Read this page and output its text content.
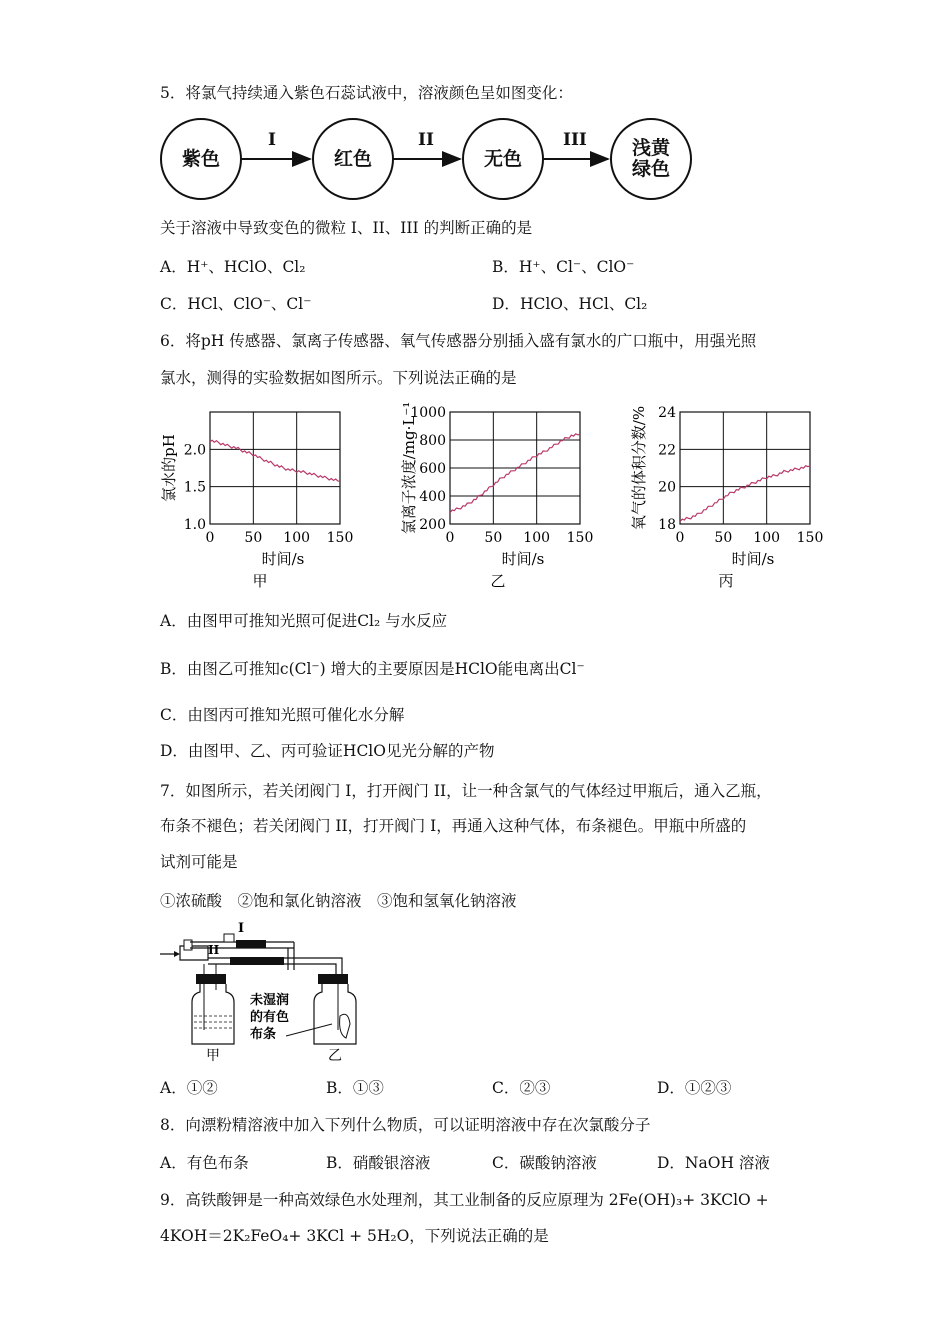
5．将氯气持续通入紫色石蕊试液中，溶液颜色呈如图变化：
紫色	红色	无色	浅黄
绿色
I	II	III
关于溶液中导致变色的微粒 I、II、III 的判断正确的是
A．H⁺、HClO、Cl₂	B．H⁺、Cl⁻、ClO⁻
C．HCl、ClO⁻、Cl⁻	D．HClO、HCl、Cl₂
6．将pH 传感器、氯离子传感器、氧气传感器分别插入盛有氯水的广口瓶中，用强光照
氯水，测得的实验数据如图所示。下列说法正确的是
0 50 100 150
1.0
1.5
2.0
氯水的pH
时间/s
甲
0 50 100 150
200
400
600
800
1000
氯离子浓度/mg·L⁻¹
时间/s
乙
0 50 100 150
18
20
22
24
氧气的体积分数/%
时间/s
丙
A．由图甲可推知光照可促进Cl₂ 与水反应
B．由图乙可推知c(Cl⁻) 增大的主要原因是HClO能电离出Cl⁻
C．由图丙可推知光照可催化水分解
D．由图甲、乙、丙可验证HClO见光分解的产物
7．如图所示，若关闭阀门 I，打开阀门 II，让一种含氯气的气体经过甲瓶后，通入乙瓶，
布条不褪色；若关闭阀门 II，打开阀门 I，再通入这种气体，布条褪色。甲瓶中所盛的
试剂可能是
①浓硫酸　②饱和氯化钠溶液　③饱和氢氧化钠溶液
甲	乙
I
II
未湿润
的有色
布条
A．①②	B．①③	C．②③	D．①②③
8．向漂粉精溶液中加入下列什么物质，可以证明溶液中存在次氯酸分子
A．有色布条	B．硝酸银溶液	C．碳酸钠溶液	D．NaOH 溶液
9．高铁酸钾是一种高效绿色水处理剂，其工业制备的反应原理为 2Fe(OH)₃+ 3KClO +
4KOH＝2K₂FeO₄+ 3KCl + 5H₂O，下列说法正确的是
